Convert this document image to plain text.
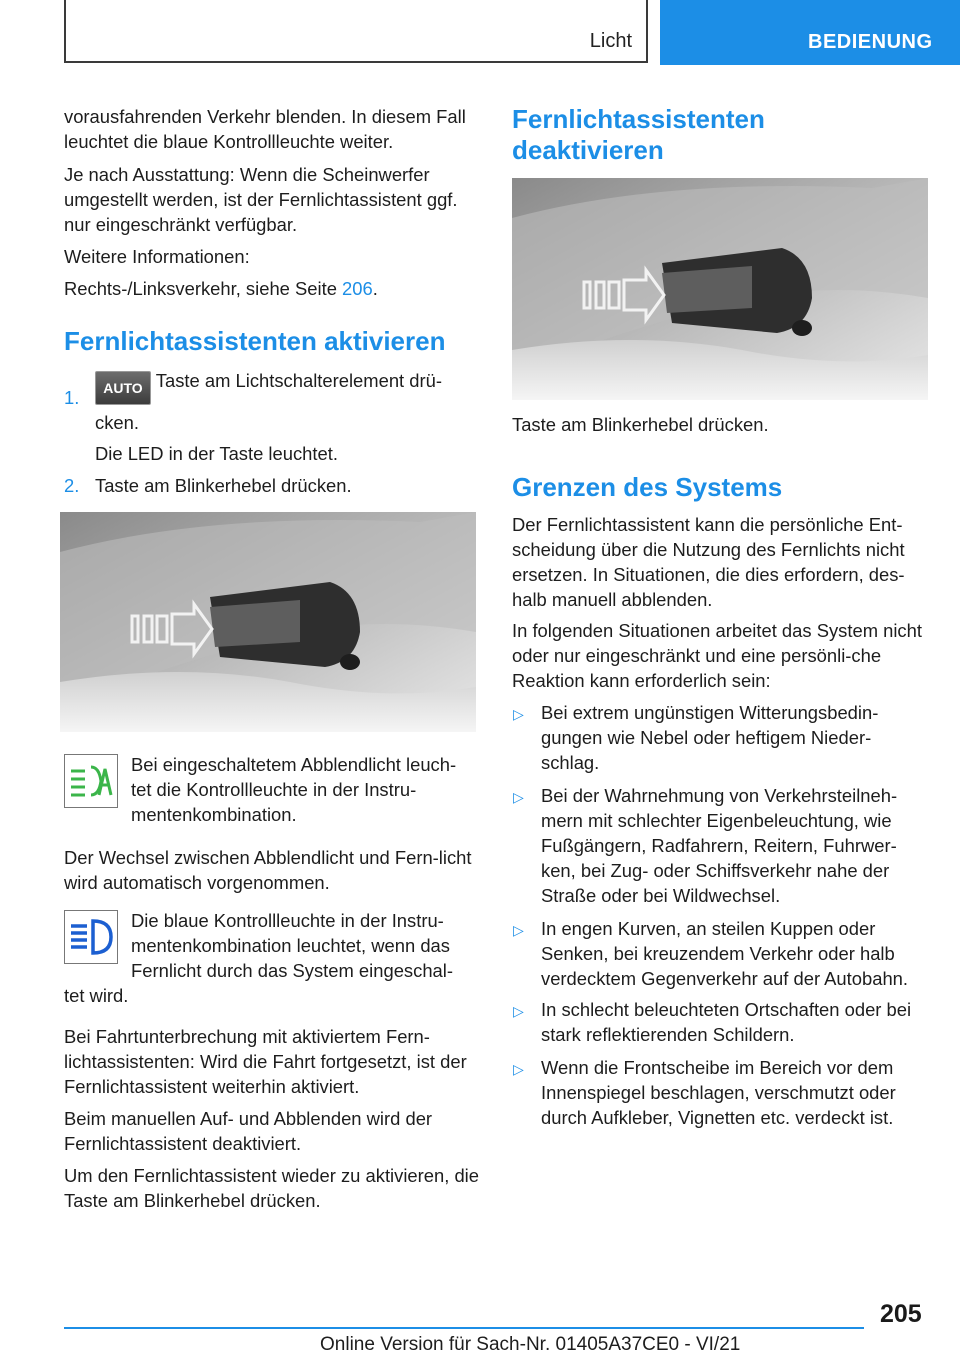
Licht	BEDIENUNG
vorausfahrenden Verkehr blenden. In diesem Fall leuchtet die blaue Kontrollleuchte weiter.
Je nach Ausstattung: Wenn die Scheinwerfer umgestellt werden, ist der Fernlichtassistent ggf. nur eingeschränkt verfügbar.
Weitere Informationen:
Rechts-/Linksverkehr, siehe Seite 206.
Fernlichtassistenten aktivieren
1.	AUTO Taste am Lichtschalterelement drü-
cken.
Die LED in der Taste leuchtet.
2. Taste am Blinkerhebel drücken.
Bei eingeschaltetem Abblendlicht leuch-tet die Kontrollleuchte in der Instru-mentenkombination.
Der Wechsel zwischen Abblendlicht und Fern-licht wird automatisch vorgenommen.
Die blaue Kontrollleuchte in der Instru-mentenkombination leuchtet, wenn das Fernlicht durch das System eingeschal-
tet wird.
Bei Fahrtunterbrechung mit aktiviertem Fern-lichtassistenten: Wird die Fahrt fortgesetzt, ist der Fernlichtassistent weiterhin aktiviert.
Beim manuellen Auf- und Abblenden wird der Fernlichtassistent deaktiviert.
Um den Fernlichtassistent wieder zu aktivieren, die Taste am Blinkerhebel drücken.
Fernlichtassistenten deaktivieren
Taste am Blinkerhebel drücken.
Grenzen des Systems
Der Fernlichtassistent kann die persönliche Ent-scheidung über die Nutzung des Fernlichts nicht ersetzen. In Situationen, die dies erfordern, des-halb manuell abblenden.
In folgenden Situationen arbeitet das System nicht oder nur eingeschränkt und eine persönli-che Reaktion kann erforderlich sein:
▷ Bei extrem ungünstigen Witterungsbedin-gungen wie Nebel oder heftigem Nieder-schlag.
▷ Bei der Wahrnehmung von Verkehrsteilneh-mern mit schlechter Eigenbeleuchtung, wie Fußgängern, Radfahrern, Reitern, Fuhrwer-ken, bei Zug- oder Schiffsverkehr nahe der Straße oder bei Wildwechsel.
▷ In engen Kurven, an steilen Kuppen oder Senken, bei kreuzendem Verkehr oder halb verdecktem Gegenverkehr auf der Autobahn.
▷ In schlecht beleuchteten Ortschaften oder bei stark reflektierenden Schildern.
▷ Wenn die Frontscheibe im Bereich vor dem Innenspiegel beschlagen, verschmutzt oder durch Aufkleber, Vignetten etc. verdeckt ist.
205
Online Version für Sach-Nr. 01405A37CE0 - VI/21
